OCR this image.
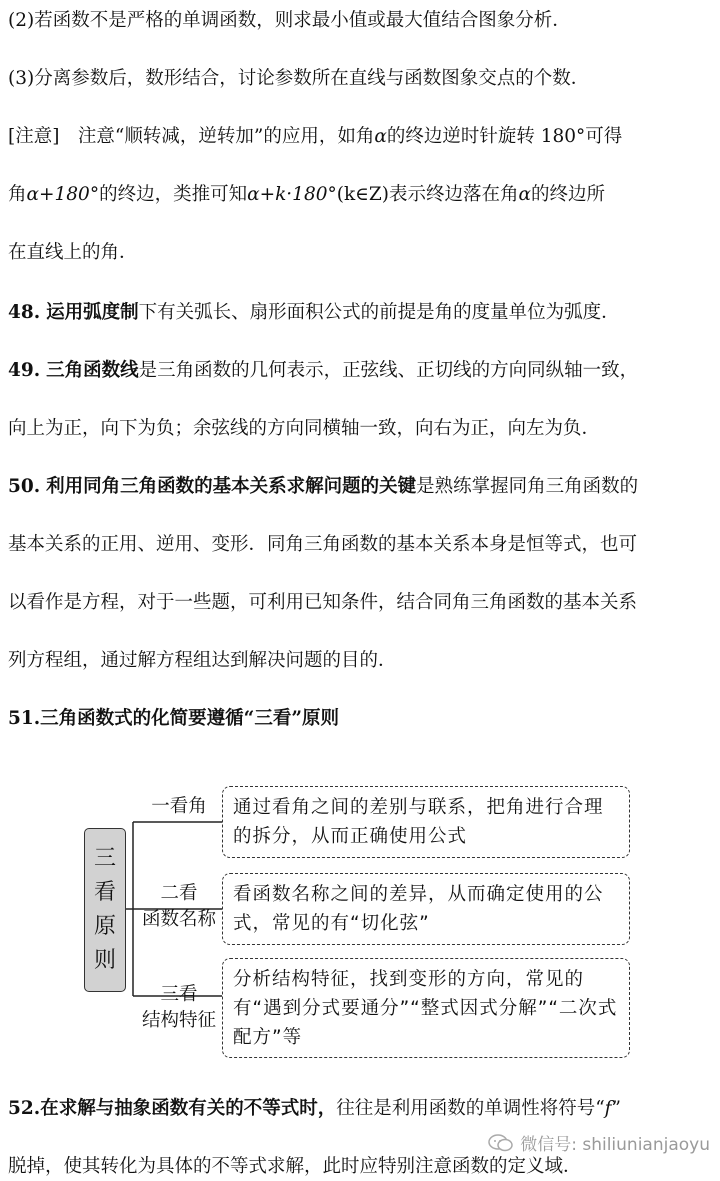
(2)若函数不是严格的单调函数，则求最小值或最大值结合图象分析．
(3)分离参数后，数形结合，讨论参数所在直线与函数图象交点的个数．
[注意]　注意“顺转减，逆转加”的应用，如角α的终边逆时针旋转 180°可得
角α+180°的终边，类推可知α+k·180°(k∈Z)表示终边落在角α的终边所
在直线上的角．
48. 运用弧度制下有关弧长、扇形面积公式的前提是角的度量单位为弧度．
49. 三角函数线是三角函数的几何表示，正弦线、正切线的方向同纵轴一致，
向上为正，向下为负；余弦线的方向同横轴一致，向右为正，向左为负．
50. 利用同角三角函数的基本关系求解问题的关键是熟练掌握同角三角函数的
基本关系的正用、逆用、变形．同角三角函数的基本关系本身是恒等式，也可
以看作是方程，对于一些题，可利用已知条件，结合同角三角函数的基本关系
列方程组，通过解方程组达到解决问题的目的．
51.三角函数式的化简要遵循“三看”原则
三
看
原
则
一看角
二看
函数名称
三看
结构特征
通过看角之间的差别与联系，把角进行合理的拆分，从而正确使用公式
看函数名称之间的差异，从而确定使用的公式，常见的有“切化弦”
分析结构特征，找到变形的方向，常见的有“遇到分式要通分”“整式因式分解”“二次式配方”等
52.在求解与抽象函数有关的不等式时，往往是利用函数的单调性将符号“f”
微信号: shiliunianjaoyu
脱掉，使其转化为具体的不等式求解，此时应特别注意函数的定义域．
